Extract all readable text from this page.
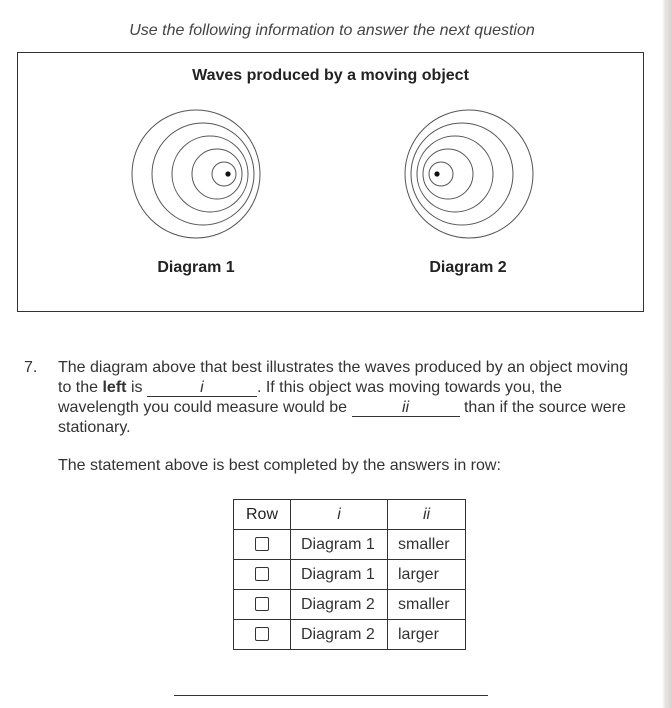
Use the following information to answer the next question
Waves produced by a moving object
Diagram 1	Diagram 2
7. The diagram above that best illustrates the waves produced by an object moving to the left is	i	. If this object was moving towards you, the wavelength you could measure would be	ii	than if the source were stationary.
The statement above is best completed by the answers in row:
Row	i	ii
	Diagram 1	smaller
	Diagram 1	larger
	Diagram 2	smaller
	Diagram 2	larger
